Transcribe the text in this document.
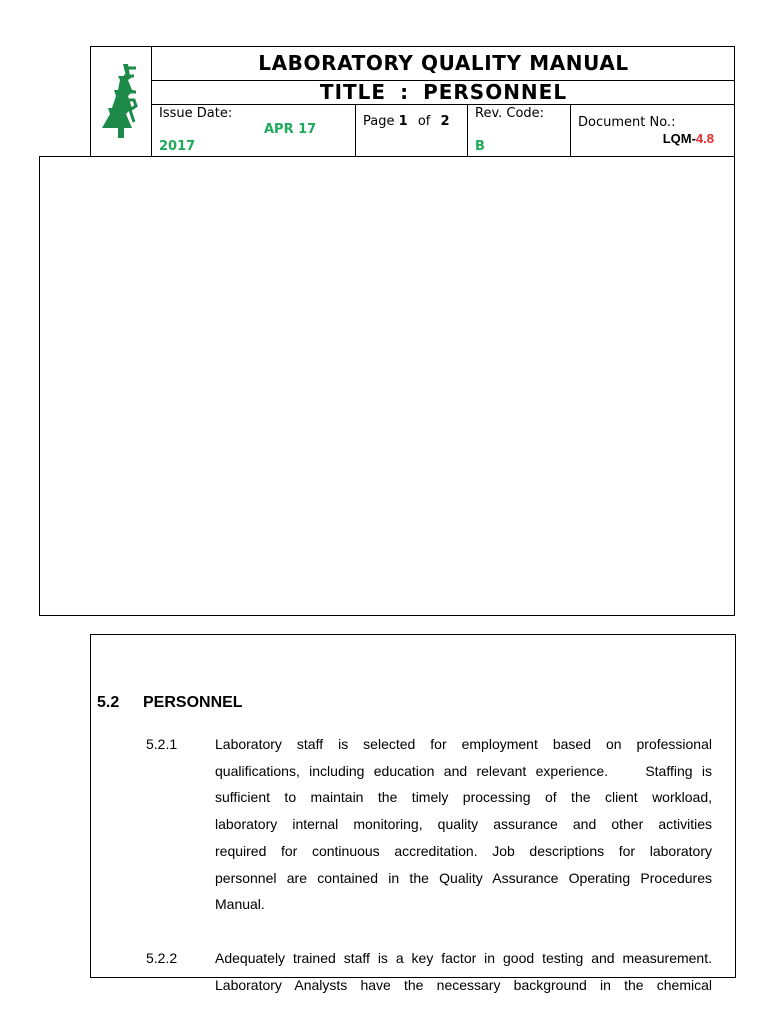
LABORATORY QUALITY MANUAL
TITLE : PERSONNEL
Issue Date:
APR 17
2017
Page 1 of 2
Rev. Code:
B
Document No.:
LQM-4.8
5.2 PERSONNEL
5.2.1	Laboratory staff is selected for employment based on professional
qualifications, including education and relevant experience.    Staffing is
sufficient to maintain the timely processing of the client workload,
laboratory internal monitoring, quality assurance and other activities
required for continuous accreditation. Job descriptions for laboratory
personnel are contained in the Quality Assurance Operating Procedures
Manual.
5.2.2	Adequately trained staff is a key factor in good testing and measurement.
Laboratory Analysts have the necessary background in the chemical
